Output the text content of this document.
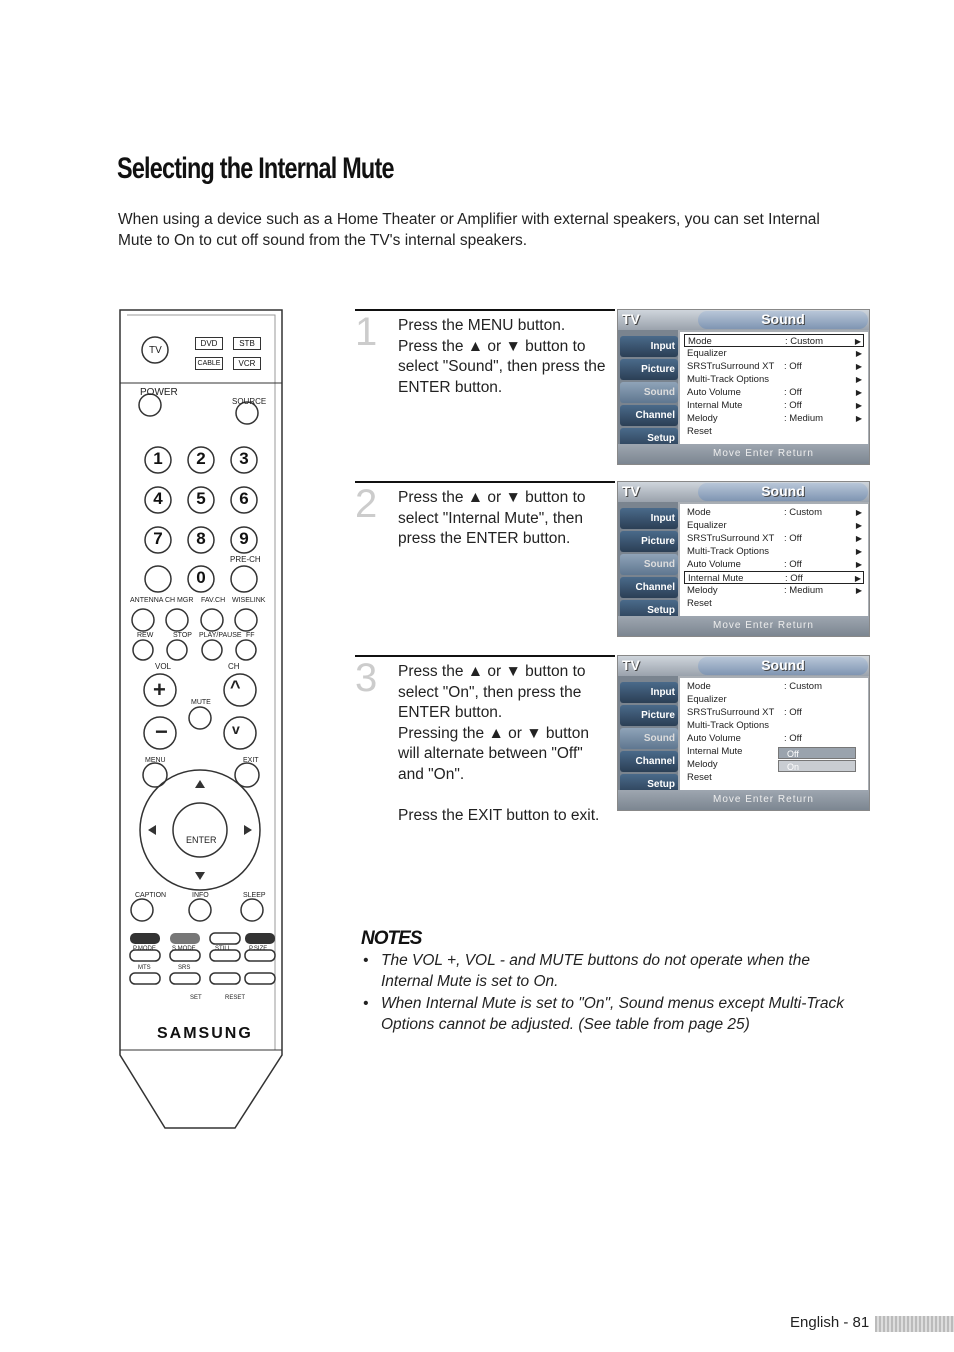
Selecting the Internal Mute
When using a device such as a Home Theater or Amplifier with external speakers, you can set Internal Mute to On to cut off sound from the TV's internal speakers.
TV
DVD	STB
CABLE	VCR
POWER
SOURCE
1	2	3
4	5	6
7	8	9
0
PRE-CH
ANTENNA CH MGR FAV.CH WISELINK
REW	STOP PLAY/PAUSE FF
VOL	CH
+	^
−	v
MUTE
MENU	EXIT
ENTER
CAPTION	INFO	SLEEP
P.MODE	S.MODE	STILL	P.SIZE
MTS	SRS
SET	RESET
SAMSUNG
1 Press the MENU button.
Press the ▲ or ▼ button to select "Sound", then press the ENTER button.
TV	Sound
Input
Picture
Sound
Channel
Setup
Mode	: Custom	▶
Equalizer	▶
SRSTruSurround XT : Off	▶
Multi-Track Options	▶
Auto Volume	: Off	▶
Internal Mute	: Off	▶
Melody	: Medium	▶
Reset
Move Enter Return
2 Press the ▲ or ▼ button to select "Internal Mute", then press the ENTER button.
TV	Sound
Input
Picture
Sound
Channel
Setup
Mode	: Custom	▶
Equalizer	▶
SRSTruSurround XT : Off	▶
Multi-Track Options	▶
Auto Volume	: Off	▶
Internal Mute	: Off	▶
Melody	: Medium	▶
Reset
Move Enter Return
3 Press the ▲ or ▼ button to select "On", then press the ENTER button.
Pressing the ▲ or ▼ button will alternate between "Off" and "On".
Press the EXIT button to exit.
TV	Sound
Input
Picture
Sound
Channel
Setup
Mode	: Custom
Equalizer
SRSTruSurround XT : Off
Multi-Track Options
Auto Volume	: Off
Internal Mute
Melody
Reset
Off
On
Move Enter Return
NOTES
• The VOL +, VOL - and MUTE buttons do not operate when the Internal Mute is set to On.
• When Internal Mute is set to "On", Sound menus except Multi-Track Options cannot be adjusted. (See table from page 25)
English - 81
